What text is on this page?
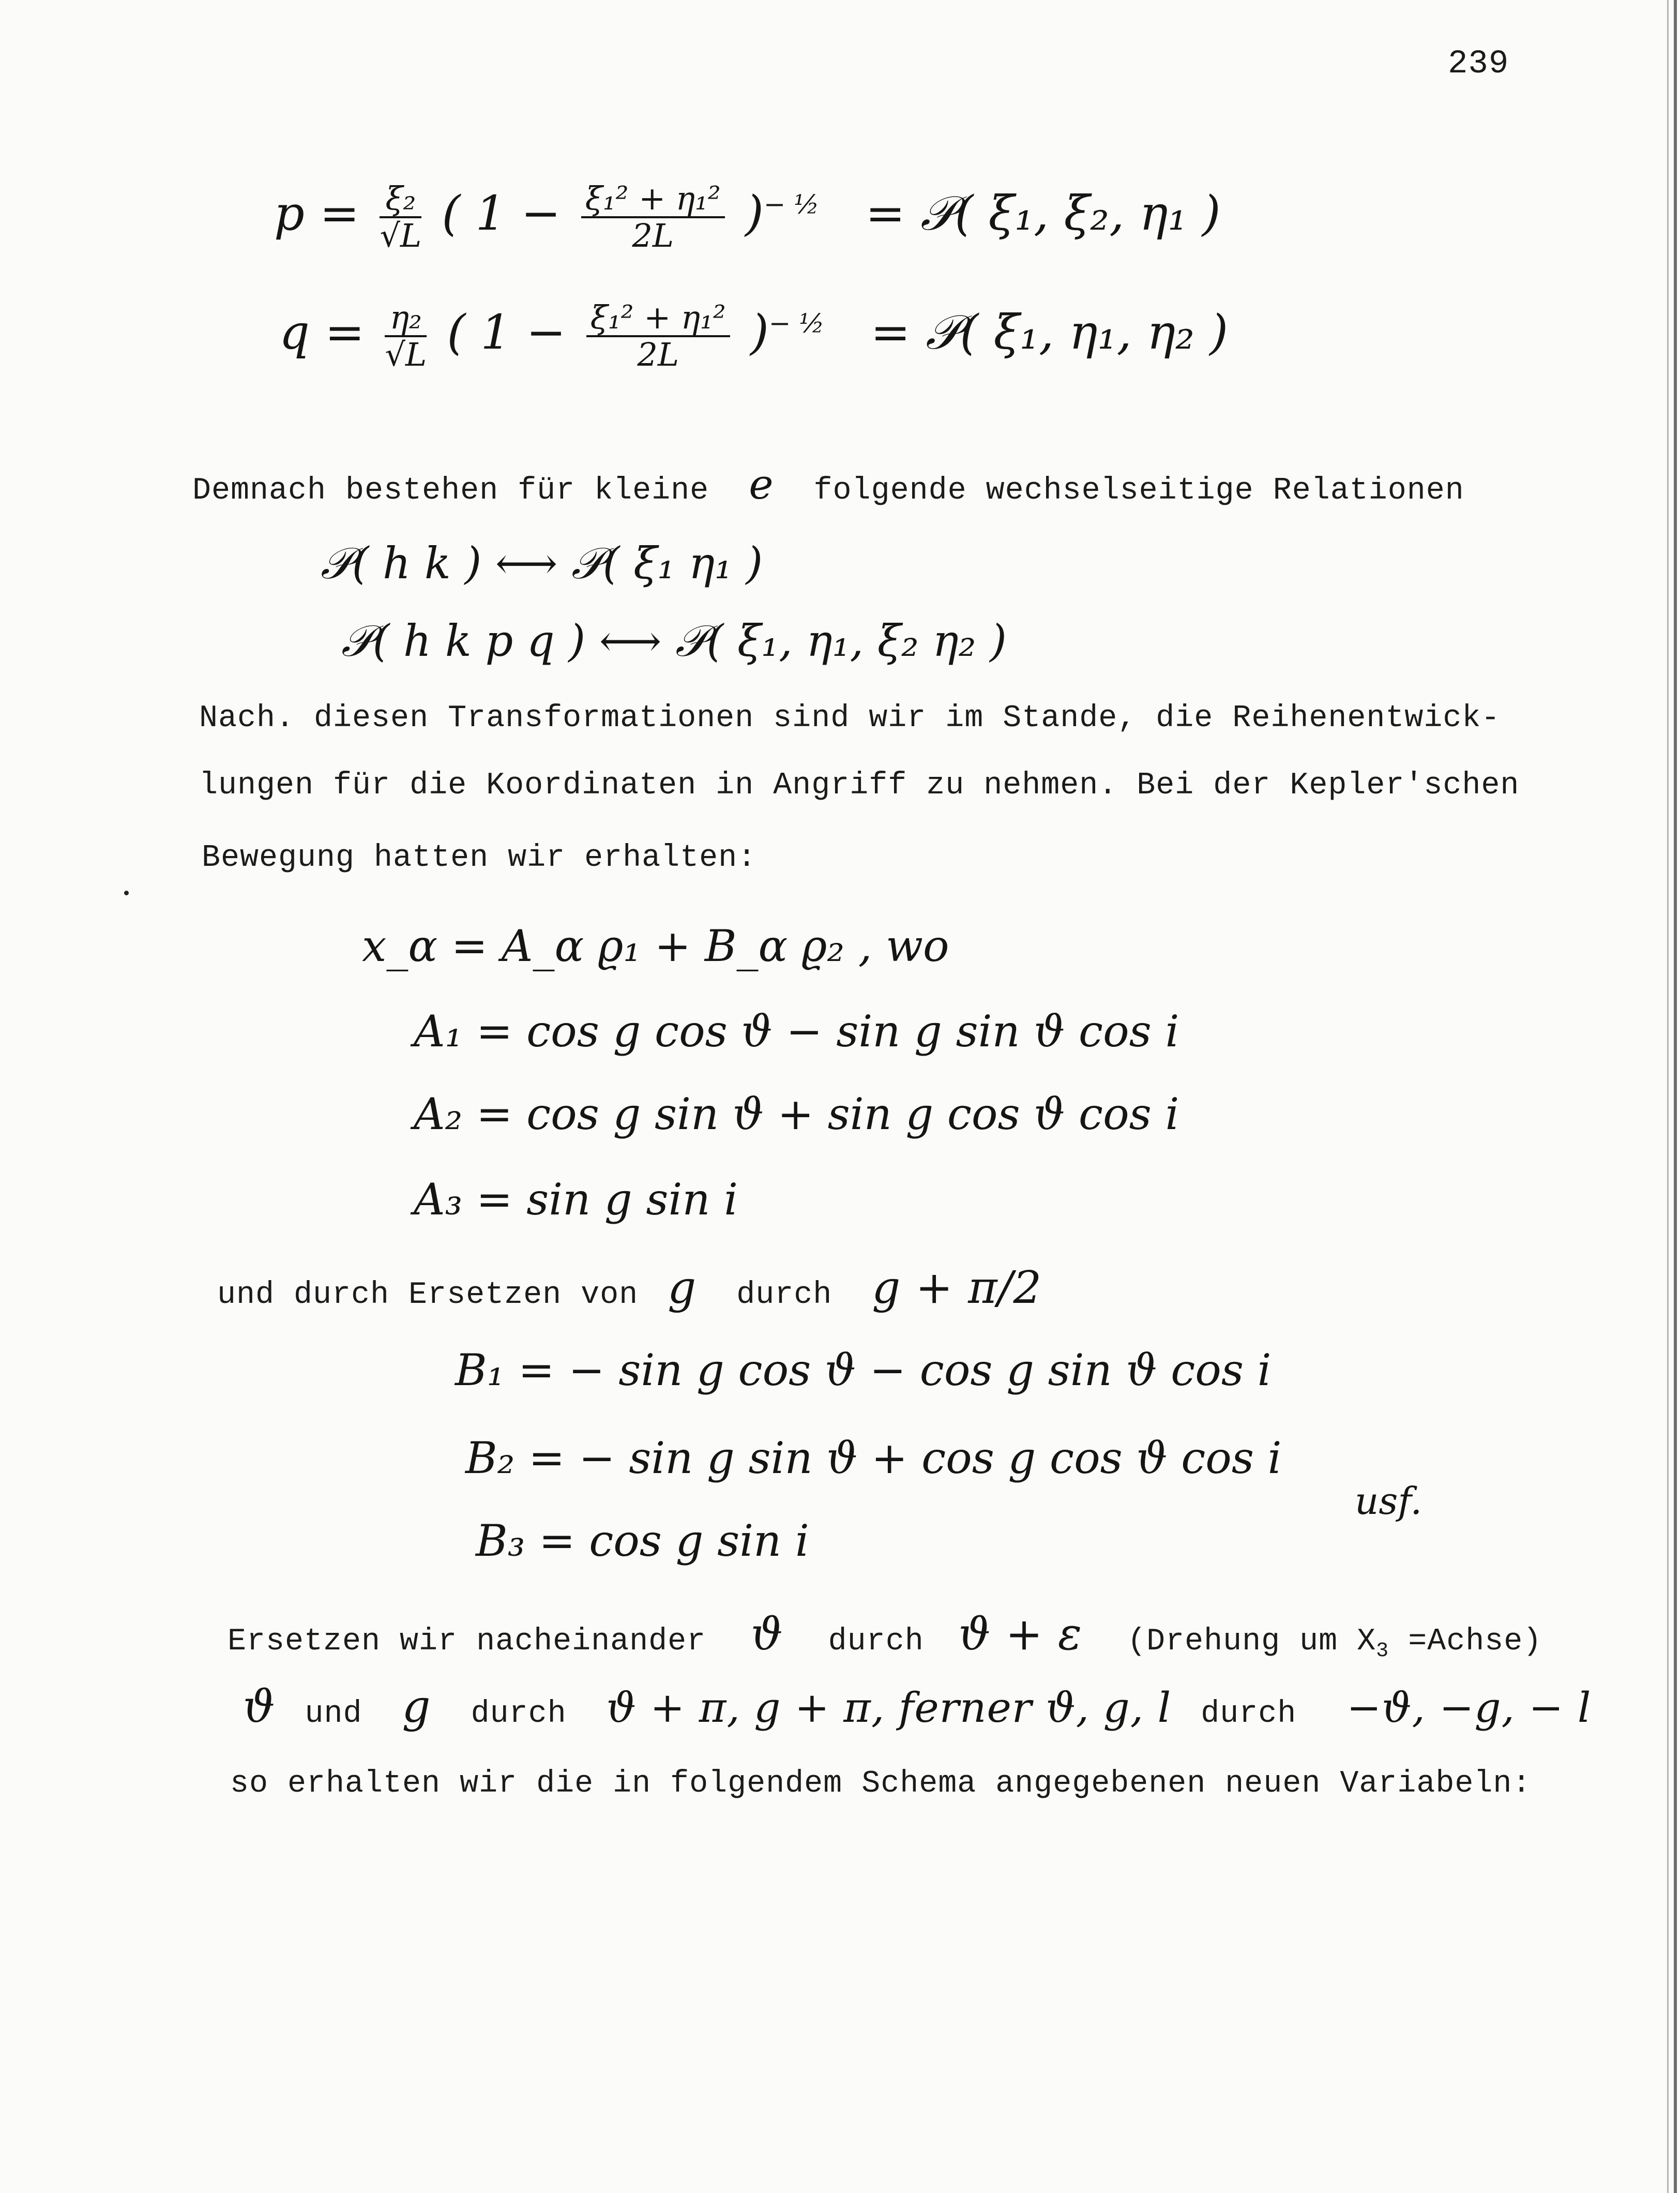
239
$p = \frac{\text{ξ₂}}{√L}$ ( $1 - \frac{\text{ξ₁² + η₁²}}{2L} )^{- \frac{1}{2}}$ = 𝒫( ξ₁, ξ₂, η₁ )
$q = \frac{\text{η₂}}{√L}$ ( $1 - \frac{\text{ξ₁² + η₁²}}{2L} )^{- \frac{1}{2}}$ = 𝒫( ξ₁, η₁, η₂ )
Demnach bestehen für kleine e folgende wechselseitige Relationen
𝒫( h k ) ⟷ 𝒫( ξ₁ η₁ )
𝒫( h k p q ) ⟷ 𝒫( ξ₁, η₁, ξ₂ η₂ )
Nach. diesen Transformationen sind wir im Stande, die Reihenentwick-
lungen für die Koordinaten in Angriff zu nehmen. Bei der Kepler'schen
Bewegung hatten wir erhalten:
x_α = A_α ϱ₁ + B_α ϱ₂ , wo
A₁ = cos g cos ϑ − sin g sin ϑ cos i
A₂ = cos g sin ϑ + sin g cos ϑ cos i
A₃ = sin g sin i
und durch Ersetzen von g durch g + π/2
B₁ = − sin g cos ϑ − cos g sin ϑ cos i
B₂ = − sin g sin ϑ + cos g cos ϑ cos i
B₃ = cos g sin i
usf.
Ersetzen wir nacheinander ϑ durch ϑ + ε (Drehung um $X_3$ =Achse)
ϑ und g durch ϑ + π, g + π, ferner ϑ, g, l durch −ϑ, −g, − l
so erhalten wir die in folgendem Schema angegebenen neuen Variabeln:
